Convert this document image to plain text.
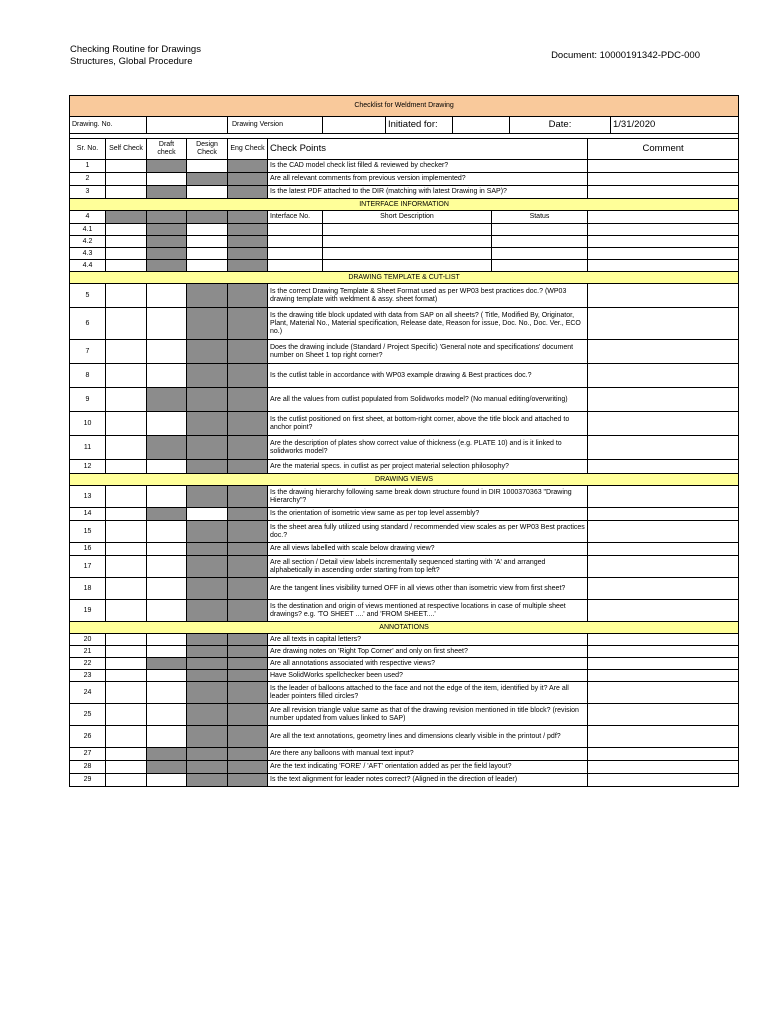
Checking Routine for Drawings
Structures, Global Procedure
Document: 10000191342-PDC-000
Checklist for Weldment Drawing
Drawing. No.		Drawing Version	
		Initiated for:		Date:	1/31/2020

Sr. No.	Self Check	Draft check	Design Check	Eng Check	Check Points	Comment
1					Is the CAD model check list filled & reviewed by checker?	
2					Are all relevant comments from previous version implemented?	
3					Is the latest PDF attached to the DIR (matching with latest Drawing in SAP)?	
INTERFACE INFORMATION
4					Interface No.	Short Description	Status	
4.1								
4.2								
4.3								
4.4								
DRAWING TEMPLATE & CUT-LIST
5					Is the correct Drawing Template & Sheet Format used as per WP03 best practices doc.? (WP03 drawing template with weldment & assy. sheet format)	
6					Is the drawing title block updated with data from SAP on all sheets? ( Title, Modified By, Originator, Plant, Material No., Material specification, Release date, Reason for issue, Doc. No., Doc. Ver., ECO no.)	
7					Does the drawing include (Standard / Project Specific) 'General note and specifications' document number on Sheet 1 top right corner?	
8					Is the cutlist table in accordance with WP03 example drawing & Best practices doc.?	
9					Are all the values from cutlist populated from Solidworks model? (No manual editing/overwriting)	
10					Is the cutlist positioned on first sheet, at bottom-right corner, above the title block and attached to anchor point?	
11					Are the description of plates show correct value of thickness (e.g. PLATE 10) and is it linked to solidworks model?	
12					Are the material specs. in cutlist as per project material selection philosophy?	
DRAWING VIEWS
13					Is the drawing hierarchy following same break down structure found in DIR 1000370363 "Drawing Hierarchy"?	
14					Is the orientation of isometric view same as per top level assembly?	
15					Is the sheet area fully utilized using standard / recommended view scales as per WP03 Best practices doc.?	
16					Are all views labelled with scale below drawing view?	
17					Are all section / Detail view labels incrementally sequenced starting with 'A' and arranged alphabetically in ascending order starting from top left?	
18					Are the tangent lines visibility turned OFF in all views other than isometric view from first sheet?	
19					Is the destination and origin of views mentioned at respective locations in case of multiple sheet drawings? e.g. 'TO SHEET ....' and 'FROM SHEET....'	
ANNOTATIONS
20					Are all texts in capital letters?	
21					Are drawing notes on 'Right Top Corner' and only on first sheet?	
22					Are all annotations associated with respective views?	
23					Have SolidWorks spellchecker been used?	
24					Is the leader of balloons attached to the face and not the edge of the item, identified by it? Are all leader pointers filled circles?	
25					Are all revision triangle value same as that of the drawing revision mentioned in title block? (revision number updated from values linked to SAP)	
26					Are all the text annotations, geometry lines and dimensions clearly visible in the printout / pdf?	
27					Are there any balloons with manual text input?	
28					Are the text indicating 'FORE' / 'AFT' orientation added as per the field layout?	
29					Is the text alignment for leader notes correct? (Aligned in the direction of leader)	
